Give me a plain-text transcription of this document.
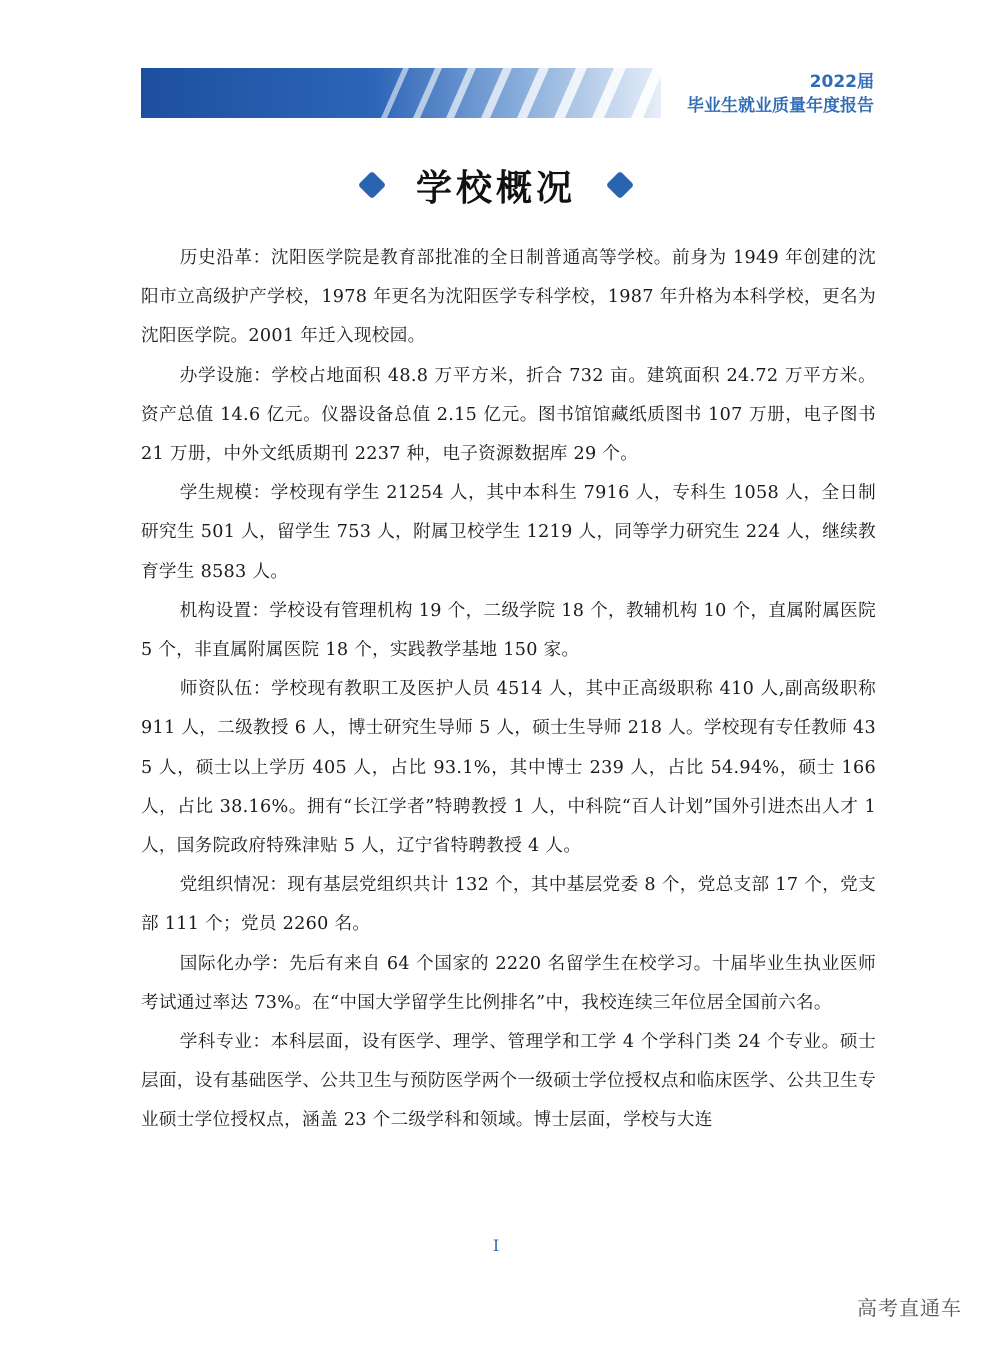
2022届
毕业生就业质量年度报告
学校概况

历史沿革：沈阳医学院是教育部批准的全日制普通高等学校。前身为 1949 年创建的沈阳市立高级护产学校，1978 年更名为沈阳医学专科学校，1987 年升格为本科学校，更名为沈阳医学院。2001 年迁入现校园。

办学设施：学校占地面积 48.8 万平方米，折合 732 亩。建筑面积 24.72 万平方米。资产总值 14.6 亿元。仪器设备总值 2.15 亿元。图书馆馆藏纸质图书 107 万册，电子图书 21 万册，中外文纸质期刊 2237 种，电子资源数据库 29 个。

学生规模：学校现有学生 21254 人，其中本科生 7916 人，专科生 1058 人，全日制研究生 501 人，留学生 753 人，附属卫校学生 1219 人，同等学力研究生 224 人，继续教育学生 8583 人。

机构设置：学校设有管理机构 19 个，二级学院 18 个，教辅机构 10 个，直属附属医院 5 个，非直属附属医院 18 个，实践教学基地 150 家。

师资队伍：学校现有教职工及医护人员 4514 人，其中正高级职称 410 人,副高级职称 911 人，二级教授 6 人，博士研究生导师 5 人，硕士生导师 218 人。学校现有专任教师 435 人，硕士以上学历 405 人，占比 93.1%，其中博士 239 人，占比 54.94%，硕士 166 人，占比 38.16%。拥有“长江学者”特聘教授 1 人，中科院“百人计划”国外引进杰出人才 1 人，国务院政府特殊津贴 5 人，辽宁省特聘教授 4 人。

党组织情况：现有基层党组织共计 132 个，其中基层党委 8 个，党总支部 17 个，党支部 111 个；党员 2260 名。

国际化办学：先后有来自 64 个国家的 2220 名留学生在校学习。十届毕业生执业医师考试通过率达 73%。在“中国大学留学生比例排名”中，我校连续三年位居全国前六名。

学科专业：本科层面，设有医学、理学、管理学和工学 4 个学科门类 24 个专业。硕士层面，设有基础医学、公共卫生与预防医学两个一级硕士学位授权点和临床医学、公共卫生专业硕士学位授权点，涵盖 23 个二级学科和领域。博士层面，学校与大连

I
高考直通车
